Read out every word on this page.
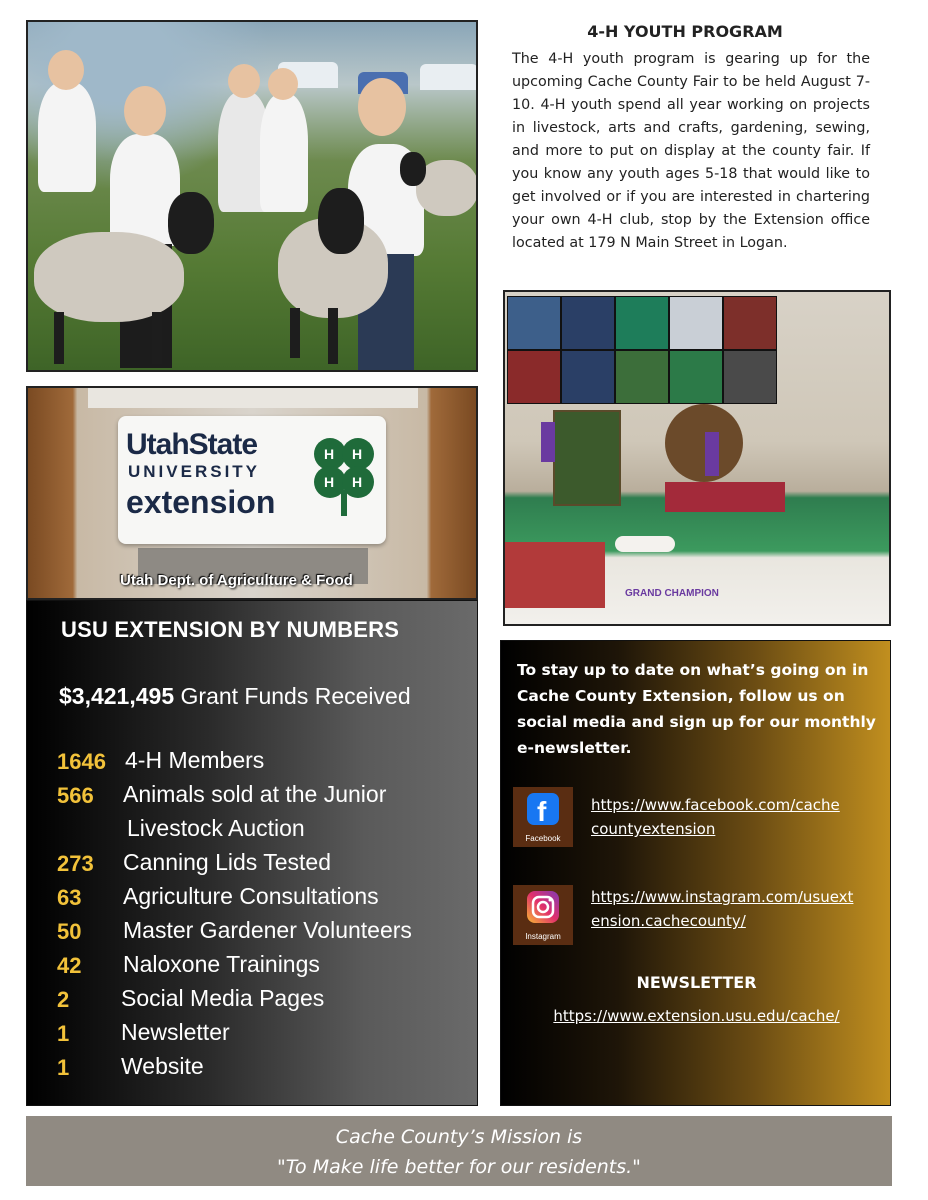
UtahState
UNIVERSITY
extension
H H
H H
Utah Dept. of Agriculture & Food
4-H YOUTH PROGRAM
The 4-H youth program is gearing up for the upcoming Cache County Fair to be held August 7-10. 4-H youth spend all year working on projects in livestock, arts and crafts, gardening, sewing, and more to put on display at the county fair. If you know any youth ages 5-18 that would like to get involved or if you are interested in chartering your own 4-H club, stop by the Extension office located at 179 N Main Street in Logan.
GRAND CHAMPION
USU EXTENSION BY NUMBERS
$3,421,495 Grant Funds Received
1646 4-H Members
566	Animals sold at the Junior
Livestock Auction
273	Canning Lids Tested
63	Agriculture Consultations
50	Master Gardener Volunteers
42	Naloxone Trainings
2	Social Media Pages
1	Newsletter
1	Website
To stay up to date on what’s going on in Cache County Extension, follow us on social media and sign up for our monthly e-newsletter.
f
Facebook
https://www.facebook.com/cache
countyextension
Instagram
https://www.instagram.com/usuext
ension.cachecounty/
NEWSLETTER
https://www.extension.usu.edu/cache/
Cache County’s Mission is
"To Make life better for our residents."
